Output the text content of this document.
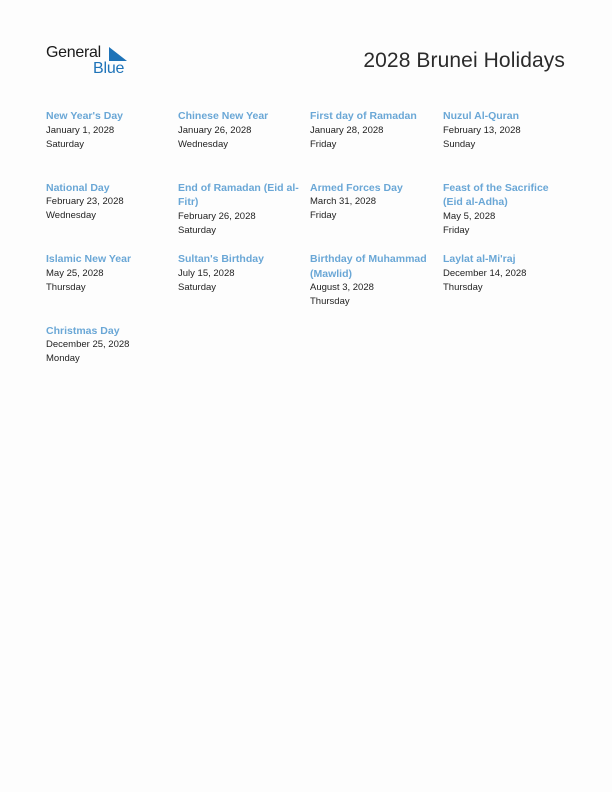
General
Blue	2028 Brunei Holidays
New Year's Day
January 1, 2028
Saturday
Chinese New Year
January 26, 2028
Wednesday
First day of Ramadan
January 28, 2028
Friday
Nuzul Al-Quran
February 13, 2028
Sunday
National Day
February 23, 2028
Wednesday
End of Ramadan (Eid al-Fitr)
February 26, 2028
Saturday
Armed Forces Day
March 31, 2028
Friday
Feast of the Sacrifice (Eid al-Adha)
May 5, 2028
Friday
Islamic New Year
May 25, 2028
Thursday
Sultan's Birthday
July 15, 2028
Saturday
Birthday of Muhammad (Mawlid)
August 3, 2028
Thursday
Laylat al-Mi'raj
December 14, 2028
Thursday
Christmas Day
December 25, 2028
Monday
